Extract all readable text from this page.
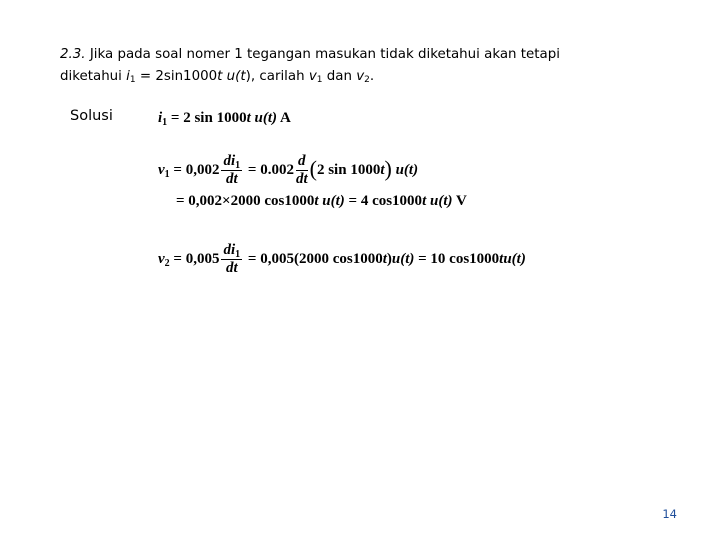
2.3. Jika pada soal nomer 1 tegangan masukan tidak diketahui akan tetapi
diketahui $i_1 = 2\sin 1000t$ u(t), carilah $v_1$ dan $v_2$.
Solusi	$i_1 = 2$ sin 1000t u(t) A
$v_1 = 0,002 \frac{di_1}{dt} = 0.002 \frac{d}{dt} (2$ sin 1000t) u(t)
= 0,002×2000 cos1000t u(t) = 4 cos1000t u(t) V
$v_2 = 0,005 \frac{di_1}{dt} = 0,005(2000$ cos1000t)u(t) = 10 cos1000tu(t)
14
